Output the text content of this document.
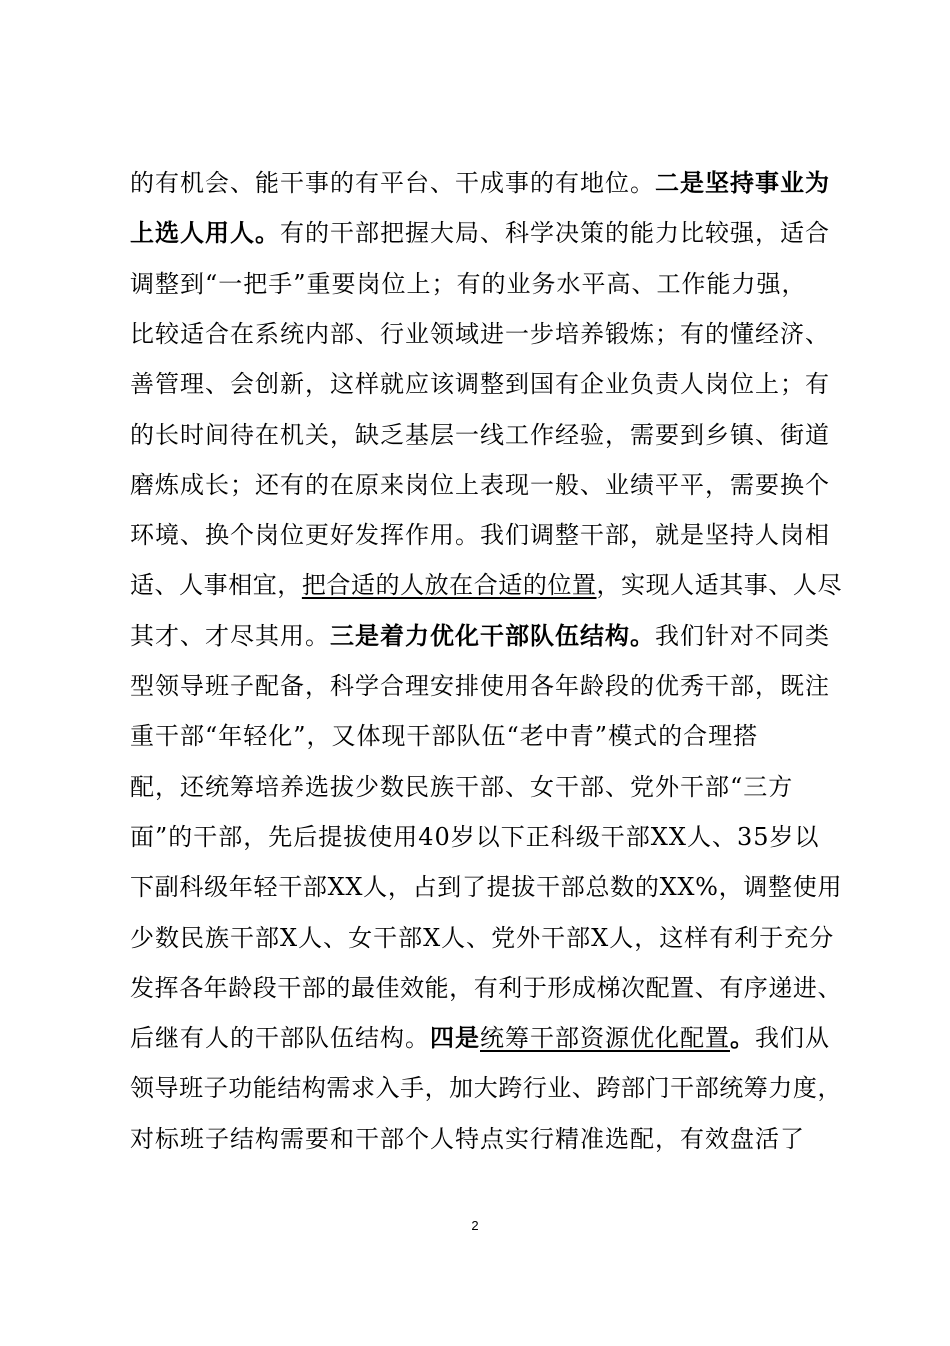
的有机会、能干事的有平台、干成事的有地位。二是坚持事业为
上选人用人。有的干部把握大局、科学决策的能力比较强，适合
调整到“一把手”重要岗位上；有的业务水平高、工作能力强，
比较适合在系统内部、行业领域进一步培养锻炼；有的懂经济、
善管理、会创新，这样就应该调整到国有企业负责人岗位上；有
的长时间待在机关，缺乏基层一线工作经验，需要到乡镇、街道
磨炼成长；还有的在原来岗位上表现一般、业绩平平，需要换个
环境、换个岗位更好发挥作用。我们调整干部，就是坚持人岗相
适、人事相宜，把合适的人放在合适的位置，实现人适其事、人尽
其才、才尽其用。三是着力优化干部队伍结构。我们针对不同类
型领导班子配备，科学合理安排使用各年龄段的优秀干部，既注
重干部“年轻化”，又体现干部队伍“老中青”模式的合理搭
配，还统筹培养选拔少数民族干部、女干部、党外干部“三方
面”的干部，先后提拔使用40岁以下正科级干部XX人、35岁以
下副科级年轻干部XX人，占到了提拔干部总数的XX%，调整使用
少数民族干部X人、女干部X人、党外干部X人，这样有利于充分
发挥各年龄段干部的最佳效能，有利于形成梯次配置、有序递进、
后继有人的干部队伍结构。四是统筹干部资源优化配置。我们从
领导班子功能结构需求入手，加大跨行业、跨部门干部统筹力度，
对标班子结构需要和干部个人特点实行精准选配，有效盘活了
2
